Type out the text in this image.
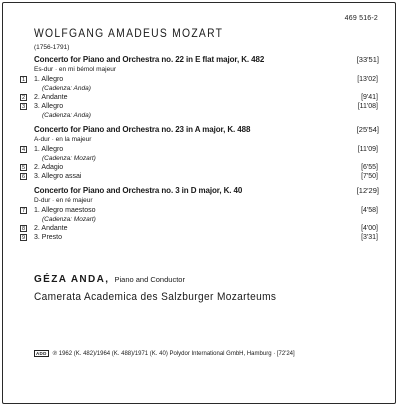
469 516-2
WOLFGANG AMADEUS MOZART
(1756-1791)
Concerto for Piano and Orchestra no. 22 in E flat major, K. 482	[33'51]
Es-dur · en mi bémol majeur
1 1. Allegro	[13'02]
(Cadenza: Anda)
2 2. Andante	[9'41]
3 3. Allegro	[11'08]
(Cadenza: Anda)
Concerto for Piano and Orchestra no. 23 in A major, K. 488	[25'54]
A-dur · en la majeur
4 1. Allegro	[11'09]
(Cadenza: Mozart)
5 2. Adagio	[6'55]
6 3. Allegro assai	[7'50]
Concerto for Piano and Orchestra no. 3 in D major, K. 40	[12'29]
D-dur · en ré majeur
7 1. Allegro maestoso	[4'58]
(Cadenza: Mozart)
8 2. Andante	[4'00]
9 3. Presto	[3'31]
GÉZA ANDA, Piano and Conductor
Camerata Academica des Salzburger Mozarteums
ADD	℗ 1962 (K. 482)/1964 (K. 488)/1971 (K. 40) Polydor International GmbH, Hamburg · [72'24]
